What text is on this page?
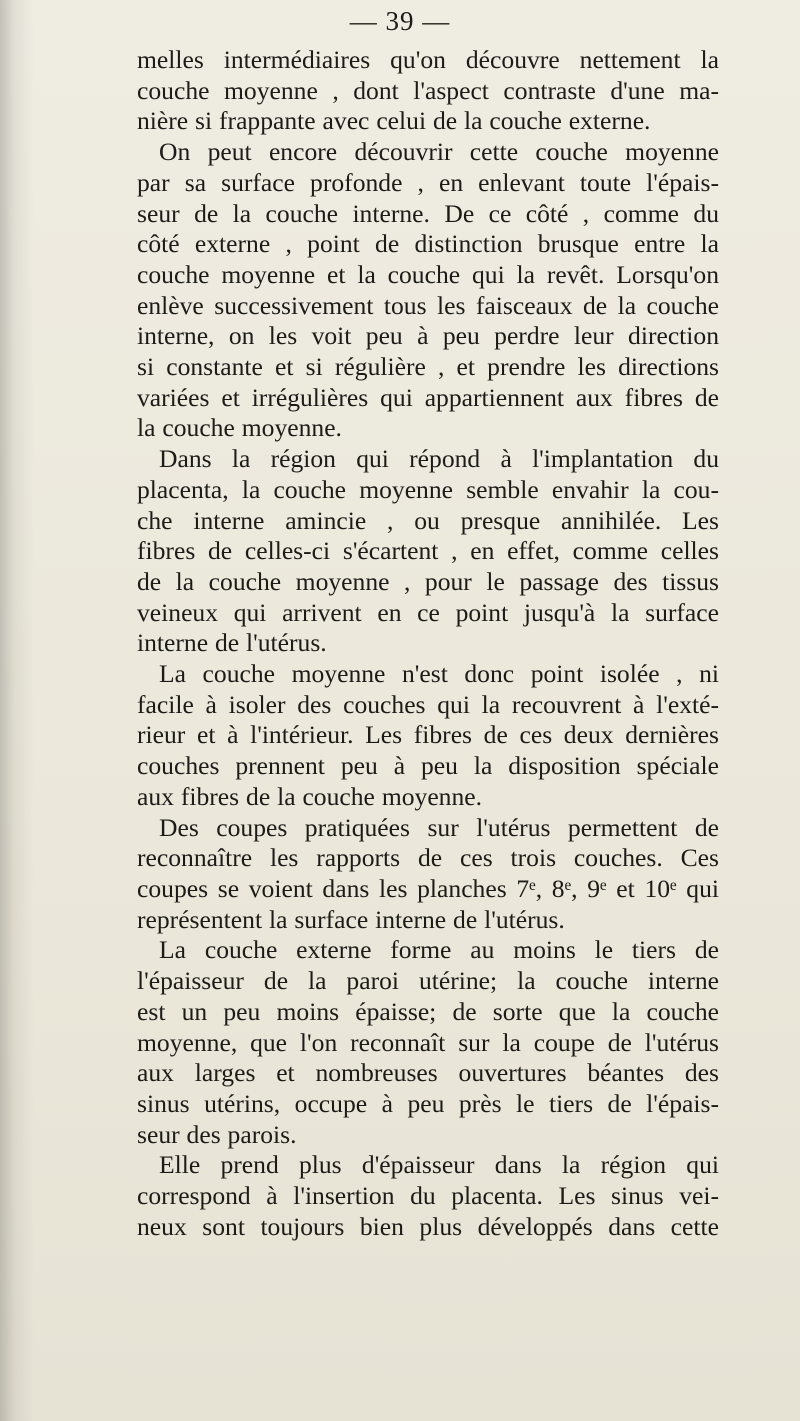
— 39 —
melles intermédiaires qu'on découvre nettement la
couche moyenne , dont l'aspect contraste d'une ma-
nière si frappante avec celui de la couche externe.
On peut encore découvrir cette couche moyenne
par sa surface profonde , en enlevant toute l'épais-
seur de la couche interne. De ce côté , comme du
côté externe , point de distinction brusque entre la
couche moyenne et la couche qui la revêt. Lorsqu'on
enlève successivement tous les faisceaux de la couche
interne, on les voit peu à peu perdre leur direction
si constante et si régulière , et prendre les directions
variées et irrégulières qui appartiennent aux fibres de
la couche moyenne.
Dans la région qui répond à l'implantation du
placenta, la couche moyenne semble envahir la cou-
che interne amincie , ou presque annihilée. Les
fibres de celles-ci s'écartent , en effet, comme celles
de la couche moyenne , pour le passage des tissus
veineux qui arrivent en ce point jusqu'à la surface
interne de l'utérus.
La couche moyenne n'est donc point isolée , ni
facile à isoler des couches qui la recouvrent à l'exté-
rieur et à l'intérieur. Les fibres de ces deux dernières
couches prennent peu à peu la disposition spéciale
aux fibres de la couche moyenne.
Des coupes pratiquées sur l'utérus permettent de
reconnaître les rapports de ces trois couches. Ces
coupes se voient dans les planches 7ᵉ, 8ᵉ, 9ᵉ et 10ᵉ qui
représentent la surface interne de l'utérus.
La couche externe forme au moins le tiers de
l'épaisseur de la paroi utérine; la couche interne
est un peu moins épaisse; de sorte que la couche
moyenne, que l'on reconnaît sur la coupe de l'utérus
aux larges et nombreuses ouvertures béantes des
sinus utérins, occupe à peu près le tiers de l'épais-
seur des parois.
Elle prend plus d'épaisseur dans la région qui
correspond à l'insertion du placenta. Les sinus vei-
neux sont toujours bien plus développés dans cette
